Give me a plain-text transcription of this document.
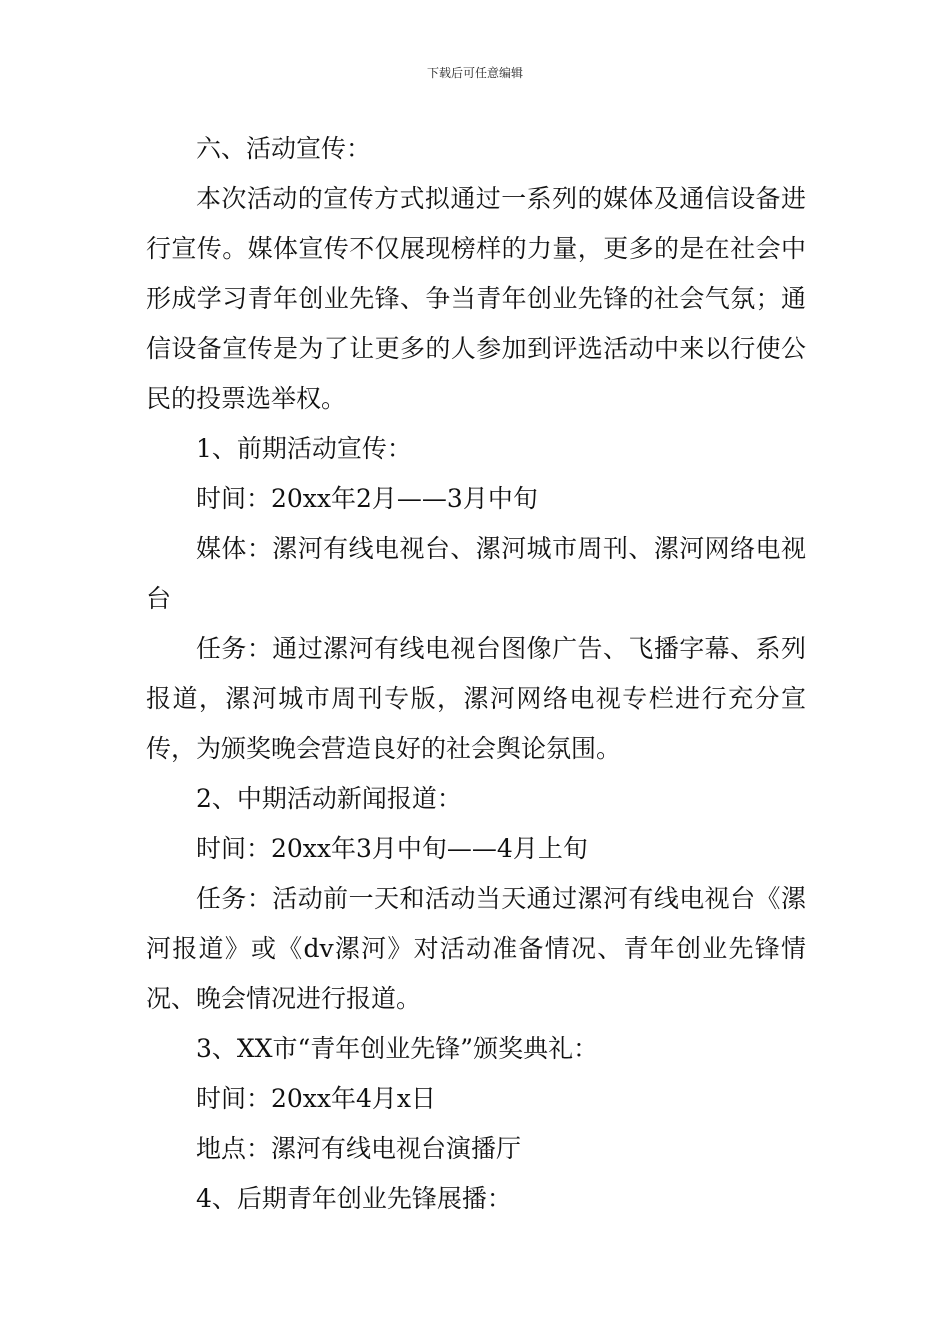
下载后可任意编辑

六、活动宣传：

本次活动的宣传方式拟通过一系列的媒体及通信设备进行宣传。媒体宣传不仅展现榜样的力量，更多的是在社会中形成学习青年创业先锋、争当青年创业先锋的社会气氛；通信设备宣传是为了让更多的人参加到评选活动中来以行使公民的投票选举权。

1、前期活动宣传：

时间：20xx年2月——3月中旬

媒体：漯河有线电视台、漯河城市周刊、漯河网络电视台

任务：通过漯河有线电视台图像广告、飞播字幕、系列报道，漯河城市周刊专版，漯河网络电视专栏进行充分宣传，为颁奖晚会营造良好的社会舆论氛围。

2、中期活动新闻报道：

时间：20xx年3月中旬——4月上旬

任务：活动前一天和活动当天通过漯河有线电视台《漯河报道》或《dv漯河》对活动准备情况、青年创业先锋情况、晚会情况进行报道。

3、XX市“青年创业先锋”颁奖典礼：

时间：20xx年4月x日

地点：漯河有线电视台演播厅

4、后期青年创业先锋展播：
